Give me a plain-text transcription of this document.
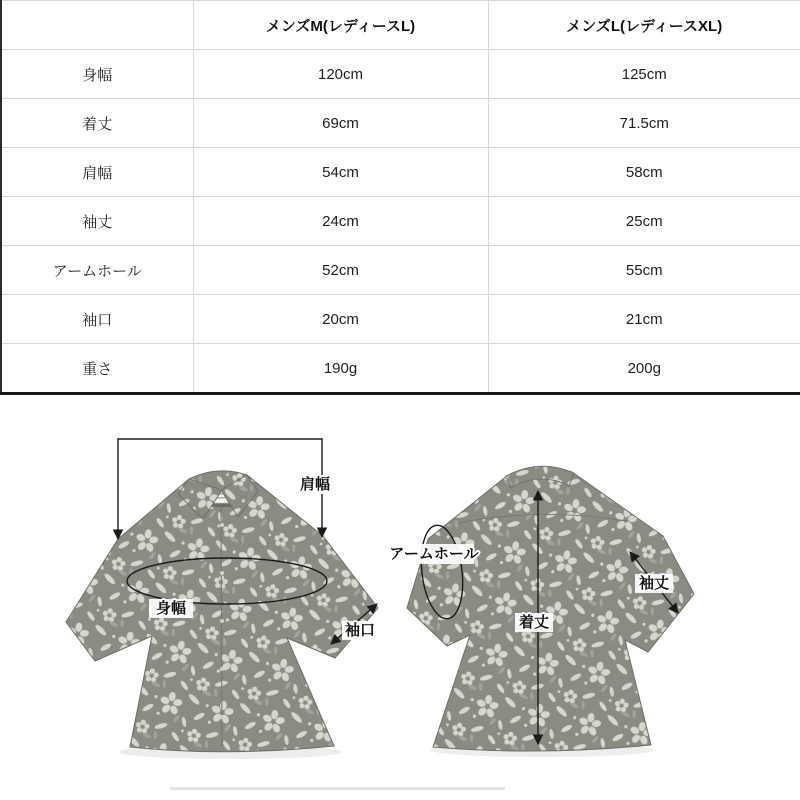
	メンズM(レディースL)	メンズL(レディースXL)
身幅	120cm	125cm
着丈	69cm	71.5cm
肩幅	54cm	58cm
袖丈	24cm	25cm
アームホール	52cm	55cm
袖口	20cm	21cm
重さ	190g	200g
肩幅
身幅
袖口
アームホール
着丈
袖丈
